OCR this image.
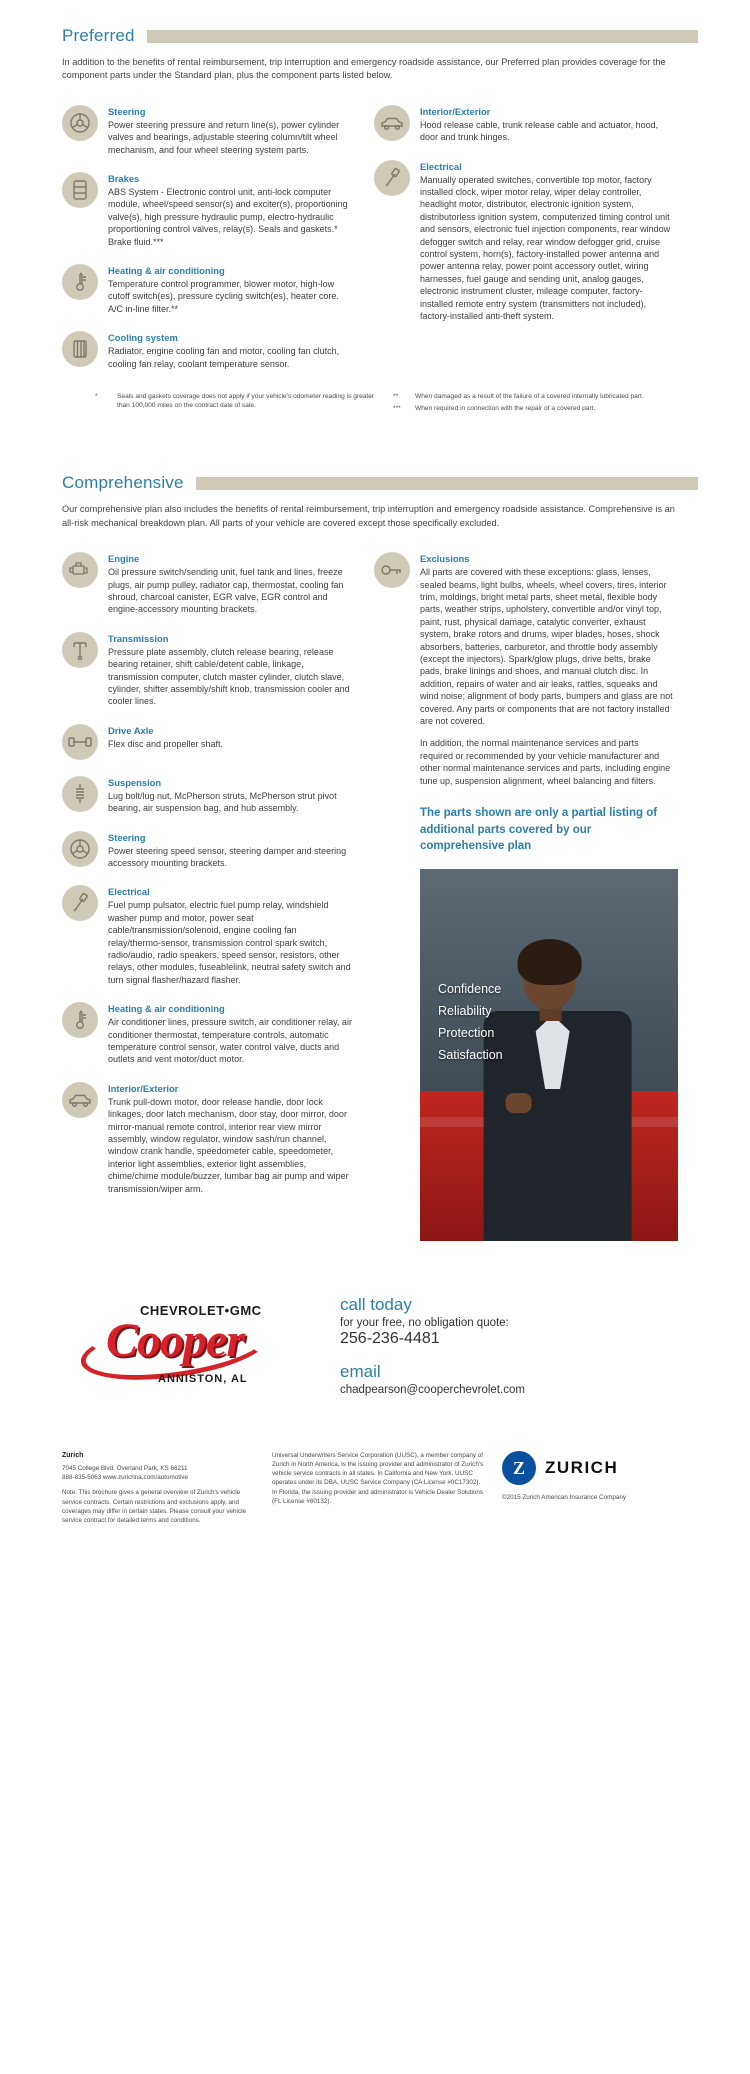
Preferred
In addition to the benefits of rental reimbursement, trip interruption and emergency roadside assistance, our Preferred plan provides coverage for the component parts under the Standard plan, plus the component parts listed below.
Steering
Power steering pressure and return line(s), power cylinder valves and bearings, adjustable steering column/tilt wheel mechanism, and four wheel steering system parts.
Brakes
ABS System - Electronic control unit, anti-lock computer module, wheel/speed sensor(s) and exciter(s), proportioning valve(s), high pressure hydraulic pump, electro-hydraulic proportioning control valves, relay(s). Seals and gaskets.* Brake fluid.***
Heating & air conditioning
Temperature control programmer, blower motor, high-low cutoff switch(es), pressure cycling switch(es), heater core. A/C in-line filter.**
Cooling system
Radiator, engine cooling fan and motor, cooling fan clutch, cooling fan relay, coolant temperature sensor.
Interior/Exterior
Hood release cable, trunk release cable and actuator, hood, door and trunk hinges.
Electrical
Manually operated switches, convertible top motor, factory installed clock, wiper motor relay, wiper delay controller, headlight motor, distributor, electronic ignition system, distributorless ignition system, computerized timing control unit and sensors, electronic fuel injection components, rear window defogger switch and relay, rear window defogger grid, cruise control system, horn(s), factory-installed power antenna and power antenna relay, power point accessory outlet, wiring harnesses, fuel gauge and sending unit, analog gauges, electronic instrument cluster, mileage computer, factory-installed remote entry system (transmitters not included), factory-installed anti-theft system.
*	Seals and gaskets coverage does not apply if your vehicle's odometer reading is greater than 100,000 miles on the contract date of sale.
**	When damaged as a result of the failure of a covered internally lubricated part.
***	When required in connection with the repair of a covered part.
Comprehensive
Our comprehensive plan also includes the benefits of rental reimbursement, trip interruption and emergency roadside assistance. Comprehensive is an all-risk mechanical breakdown plan. All parts of your vehicle are covered except those specifically excluded.
Engine
Oil pressure switch/sending unit, fuel tank and lines, freeze plugs, air pump pulley, radiator cap, thermostat, cooling fan shroud, charcoal canister, EGR valve, EGR control and engine-accessory mounting brackets.
Transmission
Pressure plate assembly, clutch release bearing, release bearing retainer, shift cable/detent cable, linkage, transmission computer, clutch master cylinder, clutch slave, cylinder, shifter assembly/shift knob, transmission cooler and cooler lines.
Drive Axle
Flex disc and propeller shaft.
Suspension
Lug bolt/lug nut, McPherson struts, McPherson strut pivot bearing, air suspension bag, and hub assembly.
Steering
Power steering speed sensor, steering damper and steering accessory mounting brackets.
Electrical
Fuel pump pulsator, electric fuel pump relay, windshield washer pump and motor, power seat cable/transmission/solenoid, engine cooling fan relay/thermo-sensor, transmission control spark switch, radio/audio, radio speakers, speed sensor, resistors, other relays, other modules, fuseablelink, neutral safety switch and turn signal flasher/hazard flasher.
Heating & air conditioning
Air conditioner lines, pressure switch, air conditioner relay, air conditioner thermostat, temperature controls, automatic temperature control sensor, water control valve, ducts and outlets and vent motor/duct motor.
Interior/Exterior
Trunk pull-down motor, door release handle, door lock linkages, door latch mechanism, door stay, door mirror, door mirror-manual remote control, interior rear view mirror assembly, window regulator, window sash/run channel, window crank handle, speedometer cable, speedometer, interior light assemblies, exterior light assemblies, chime/chime module/buzzer, lumbar bag air pump and wiper transmission/wiper arm.
Exclusions
All parts are covered with these exceptions: glass, lenses, sealed beams, light bulbs, wheels, wheel covers, tires, interior trim, moldings, bright metal parts, sheet metal, flexible body parts, weather strips, upholstery, convertible and/or vinyl top, paint, rust, physical damage, catalytic converter, exhaust system, brake rotors and drums, wiper blades, hoses, shock absorbers, batteries, carburetor, and throttle body assembly (except the injectors). Spark/glow plugs, drive belts, brake pads, brake linings and shoes, and manual clutch disc. In addition, repairs of water and air leaks, rattles, squeaks and wind noise; alignment of body parts, bumpers and glass are not covered. Any parts or components that are not factory installed are not covered.
In addition, the normal maintenance services and parts required or recommended by your vehicle manufacturer and other normal maintenance services and parts, including engine tune up, suspension alignment, wheel balancing and filters.
The parts shown are only a partial listing of additional parts covered by our comprehensive plan
Confidence
Reliability
Protection
Satisfaction
CHEVROLET•GMC
Cooper
ANNISTON, AL
call today
for your free, no obligation quote:
256-236-4481
email
chadpearson@cooperchevrolet.com
Zurich
7045 College Blvd. Overland Park, KS 66211
888-835-5063 www.zurichna.com/automotive
Note: This brochure gives a general overview of Zurich's vehicle service contracts. Certain restrictions and exclusions apply, and coverages may differ in certain states. Please consult your vehicle service contract for detailed terms and conditions.
Universal Underwriters Service Corporation (UUSC), a member company of Zurich in North America, is the issuing provider and administrator of Zurich's vehicle service contracts in all states. In California and New York, UUSC operates under its DBA, UUSC Service Company (CA License #0C17302). In Florida, the issuing provider and administrator is Vehicle Dealer Solutions (FL License #60132).
Z	ZURICH
©2015 Zurich American Insurance Company
